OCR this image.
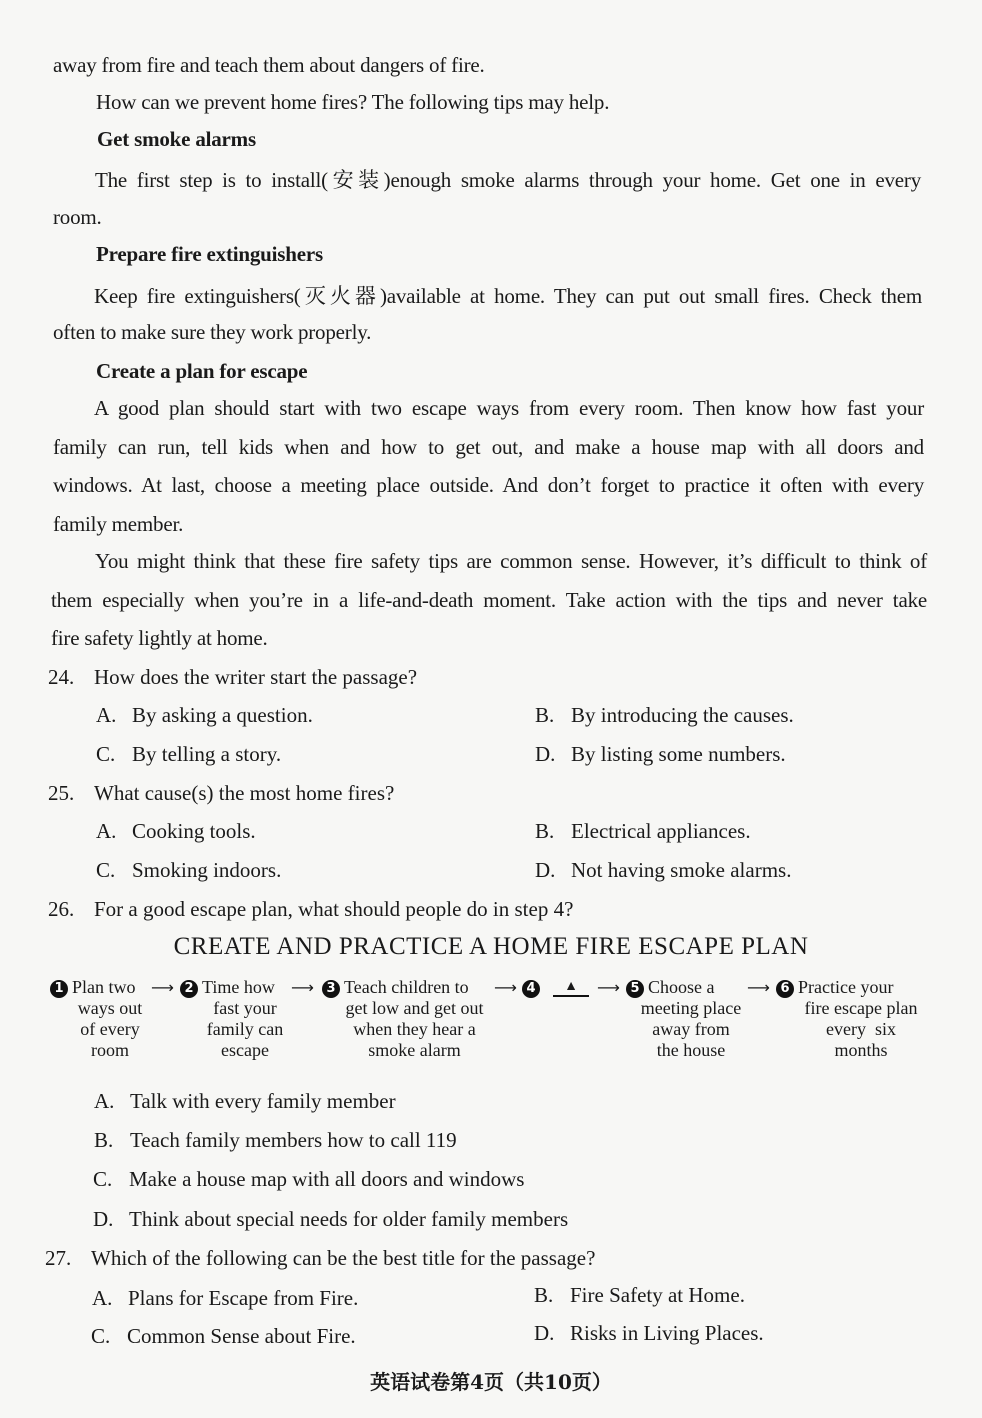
away from fire and teach them about dangers of fire.
How can we prevent home fires? The following tips may help.
Get smoke alarms
The first step is to install(安装)enough smoke alarms through your home. Get one in every
room.
Prepare fire extinguishers
Keep fire extinguishers(灭火器)available at home. They can put out small fires. Check them
often to make sure they work properly.
Create a plan for escape
A good plan should start with two escape ways from every room. Then know how fast your
family can run, tell kids when and how to get out, and make a house map with all doors and
windows. At last, choose a meeting place outside. And don’t forget to practice it often with every
family member.
You might think that these fire safety tips are common sense. However, it’s difficult to think of
them especially when you’re in a life-and-death moment. Take action with the tips and never take
fire safety lightly at home.
24. How does the writer start the passage?
A. By asking a question.	B. By introducing the causes.
C. By telling a story.	D. By listing some numbers.
25. What cause(s) the most home fires?
A. Cooking tools.	B. Electrical appliances.
C. Smoking indoors.	D. Not having smoke alarms.
26. For a good escape plan, what should people do in step 4?
CREATE AND PRACTICE A HOME FIRE ESCAPE PLAN
1 Plan two
ways out
of every
room
⟶ 2 Time how
fast your
family can
escape
⟶ 3 Teach children to
get low and get out
when they hear a
smoke alarm
⟶ 4	▲	⟶ 5 Choose a
meeting place
away from
the house
⟶ 6 Practice your
fire escape plan
every  six
months
A. Talk with every family member
B. Teach family members how to call 119
C. Make a house map with all doors and windows
D. Think about special needs for older family members
27. Which of the following can be the best title for the passage?
A. Plans for Escape from Fire.	B. Fire Safety at Home.
C. Common Sense about Fire.	D. Risks in Living Places.
英语试卷第4页（共10页）
